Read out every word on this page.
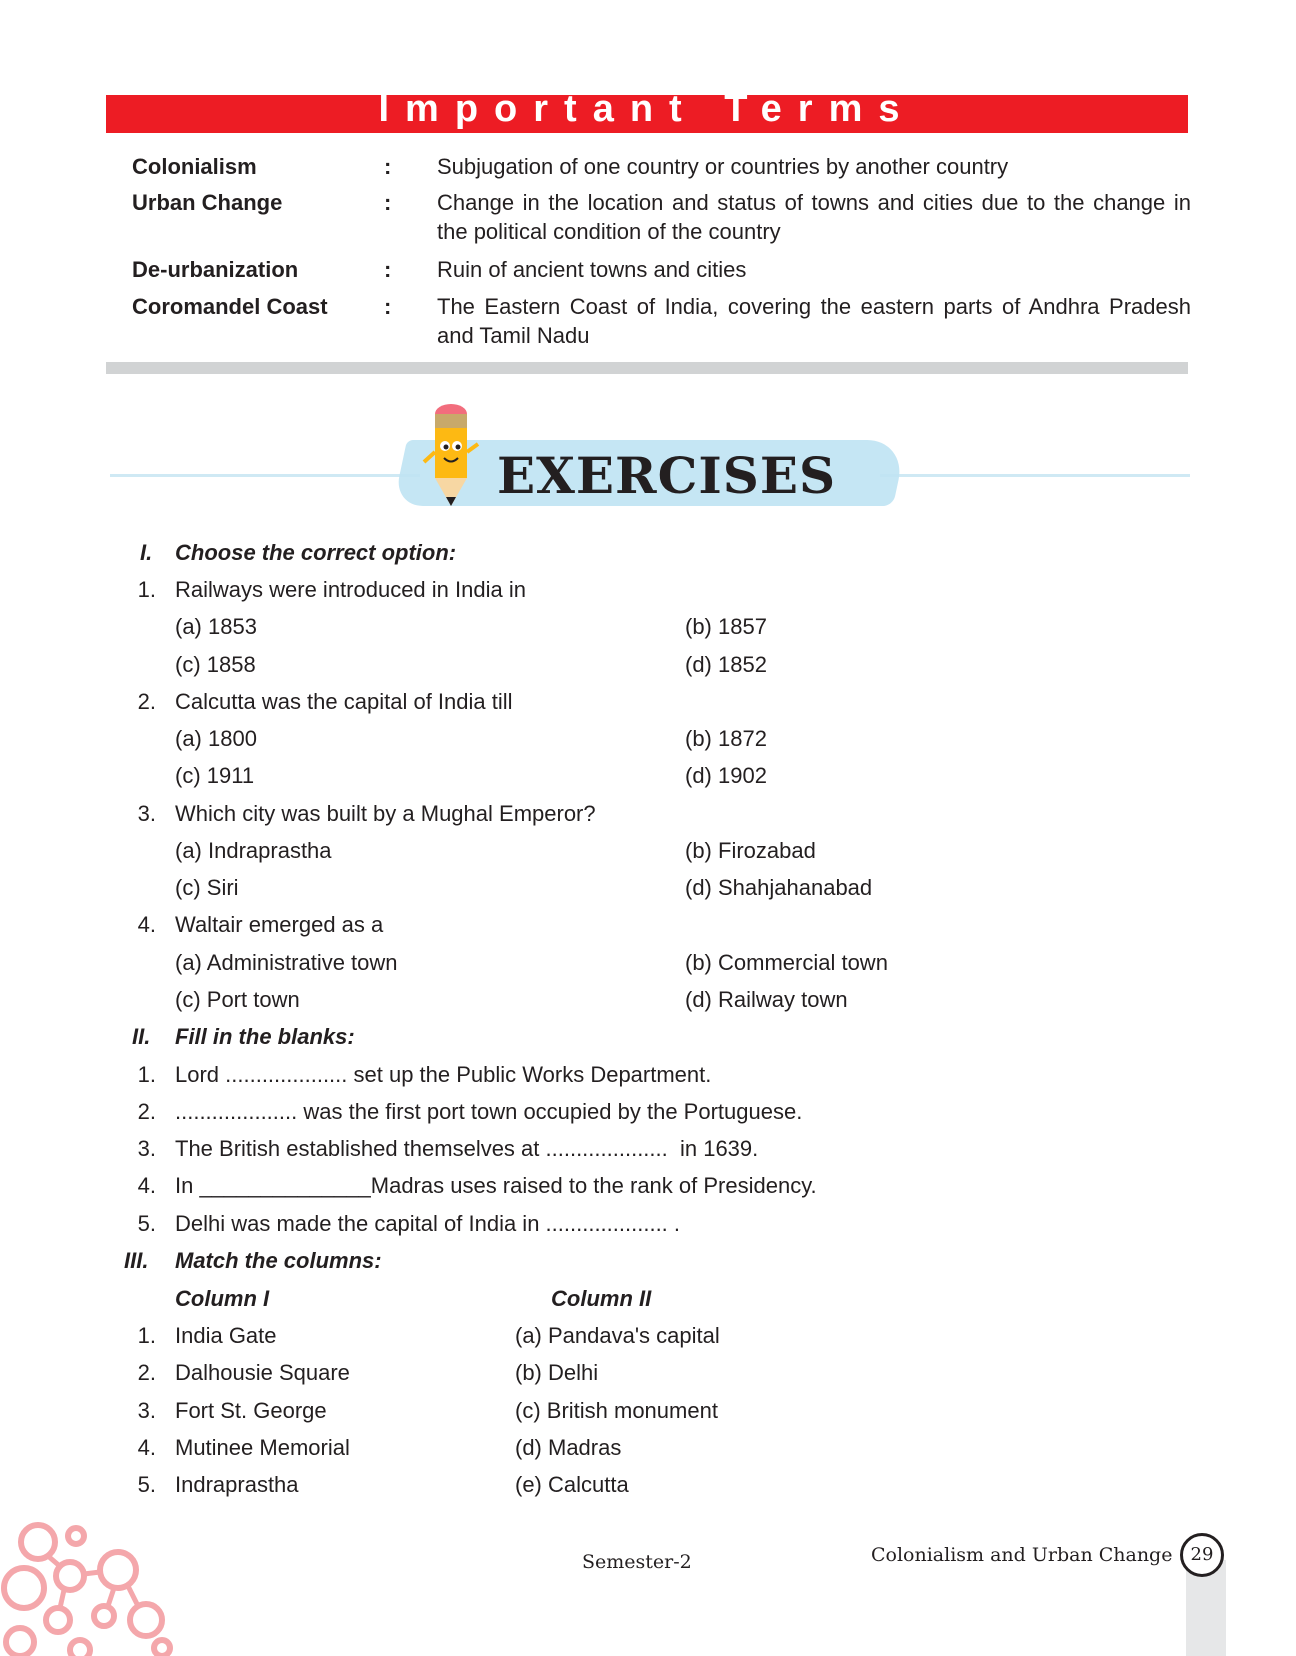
Important Terms
Colonialism	: Subjugation of one country or countries by another country
Urban Change	: Change in the location and status of towns and cities due to the change in the political condition of the country
De-urbanization	: Ruin of ancient towns and cities
Coromandel Coast	: The Eastern Coast of India, covering the eastern parts of Andhra Pradesh and Tamil Nadu
EXERCISES
I. Choose the correct option:
1. Railways were introduced in India in
(a) 1853	(b) 1857
(c) 1858	(d) 1852
2. Calcutta was the capital of India till
(a) 1800	(b) 1872
(c) 1911	(d) 1902
3. Which city was built by a Mughal Emperor?
(a) Indraprastha	(b) Firozabad
(c) Siri	(d) Shahjahanabad
4. Waltair emerged as a
(a) Administrative town	(b) Commercial town
(c) Port town	(d) Railway town
II. Fill in the blanks:
1. Lord .................... set up the Public Works Department.
2. .................... was the first port town occupied by the Portuguese.
3. The British established themselves at ....................  in 1639.
4. In ______________Madras uses raised to the rank of Presidency.
5. Delhi was made the capital of India in .................... .
III. Match the columns:
Column I	Column II
1. India Gate	(a) Pandava's capital
2. Dalhousie Square	(b) Delhi
3. Fort St. George	(c) British monument
4. Mutinee Memorial	(d) Madras
5. Indraprastha	(e) Calcutta
Semester-2	Colonialism and Urban Change	29
